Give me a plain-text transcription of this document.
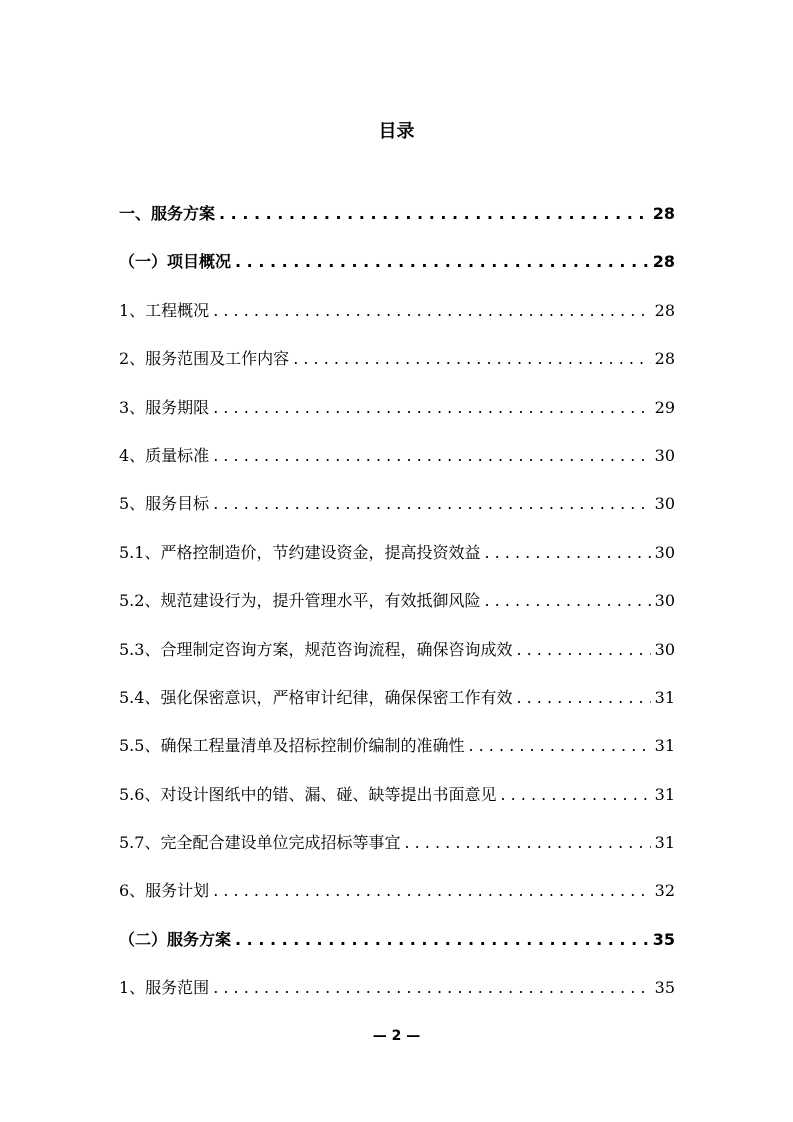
目录
一、服务方案 . . .	28
（一）项目概况 . . .	28
1、工程概况 . . .	28
2、服务范围及工作内容 . . .	28
3、服务期限 . . .	29
4、质量标准 . . .	30
5、服务目标 . . .	30
5.1、严格控制造价，节约建设资金，提高投资效益 . . .	30
5.2、规范建设行为，提升管理水平，有效抵御风险 . . .	30
5.3、合理制定咨询方案，规范咨询流程，确保咨询成效 . . .	30
5.4、强化保密意识，严格审计纪律，确保保密工作有效 . . .	31
5.5、确保工程量清单及招标控制价编制的准确性 . . .	31
5.6、对设计图纸中的错、漏、碰、缺等提出书面意见 . . .	31
5.7、完全配合建设单位完成招标等事宜 . . .	31
6、服务计划 . . .	32
（二）服务方案 . . .	35
1、服务范围 . . .	35
— 2 —
